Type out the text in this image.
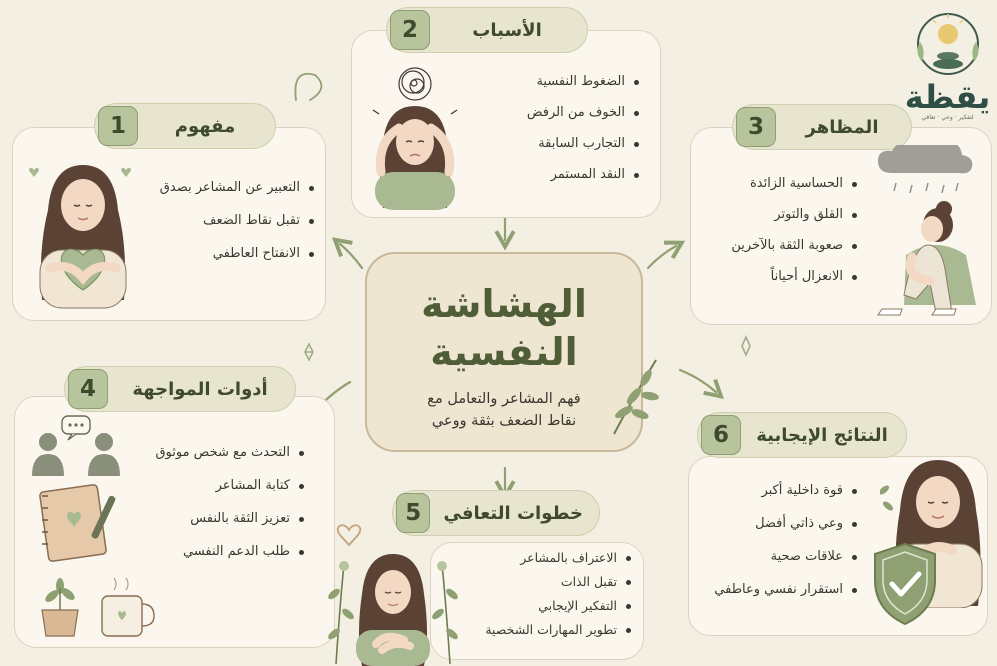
يقظة
لتفكير · وعي · تعافي
1	مفهوم
التعبير عن المشاعر بصدق
تقبل نقاط الضعف
الانفتاح العاطفي
2	الأسباب
الضغوط النفسية
الخوف من الرفض
التجارب السابقة
النقد المستمر
3	المظاهر
الحساسية الزائدة
القلق والتوتر
صعوبة الثقة بالآخرين
الانعزال أحياناً
الهشاشة
النفسية
فهم المشاعر والتعامل مع
نقاط الضعف بثقة ووعي
4	أدوات المواجهة
التحدث مع شخص موثوق
كتابة المشاعر
تعزيز الثقة بالنفس
طلب الدعم النفسي
5	خطوات التعافي
الاعتراف بالمشاعر
تقبل الذات
التفكير الإيجابي
تطوير المهارات الشخصية
6	النتائج الإيجابية
قوة داخلية أكبر
وعي ذاتي أفضل
علاقات صحية
استقرار نفسي وعاطفي
